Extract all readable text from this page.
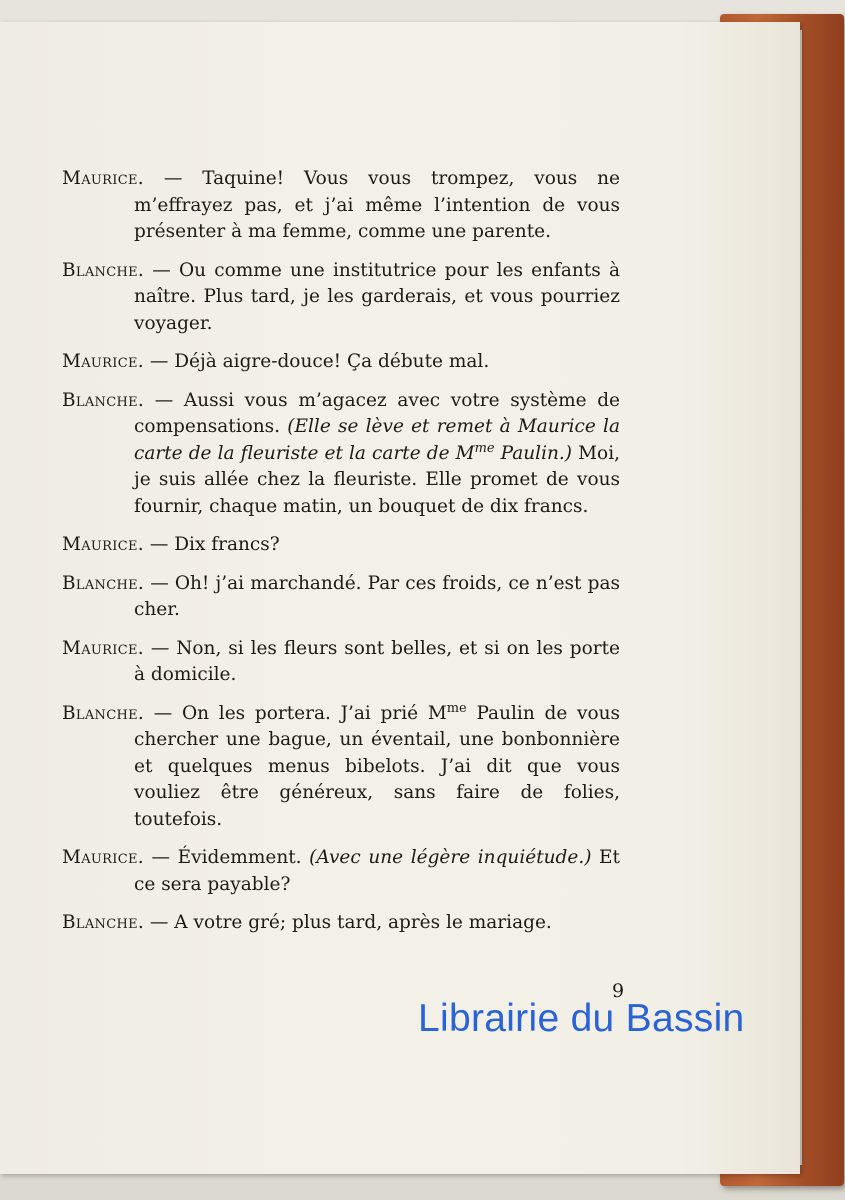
Maurice. — Taquine! Vous vous trompez, vous ne m’effrayez pas, et j’ai même l’intention de vous présenter à ma femme, comme une parente.

Blanche. — Ou comme une institutrice pour les enfants à naître. Plus tard, je les garderais, et vous pourriez voyager.

Maurice. — Déjà aigre-douce! Ça débute mal.

Blanche. — Aussi vous m’agacez avec votre système de compensations. (Elle se lève et remet à Maurice la carte de la fleuriste et la carte de $M^{me}$ Paulin.) Moi, je suis allée chez la fleuriste. Elle promet de vous fournir, chaque matin, un bouquet de dix francs.

Maurice. — Dix francs?

Blanche. — Oh! j’ai marchandé. Par ces froids, ce n’est pas cher.

Maurice. — Non, si les fleurs sont belles, et si on les porte à domicile.

Blanche. — On les portera. J’ai prié $M^{me}$ Paulin de vous chercher une bague, un éventail, une bonbonnière et quelques menus bibelots. J’ai dit que vous vouliez être généreux, sans faire de folies, toutefois.

Maurice. — Évidemment. (Avec une légère inquiétude.) Et ce sera payable?

Blanche. — A votre gré; plus tard, après le mariage.

9
Librairie du Bassin
